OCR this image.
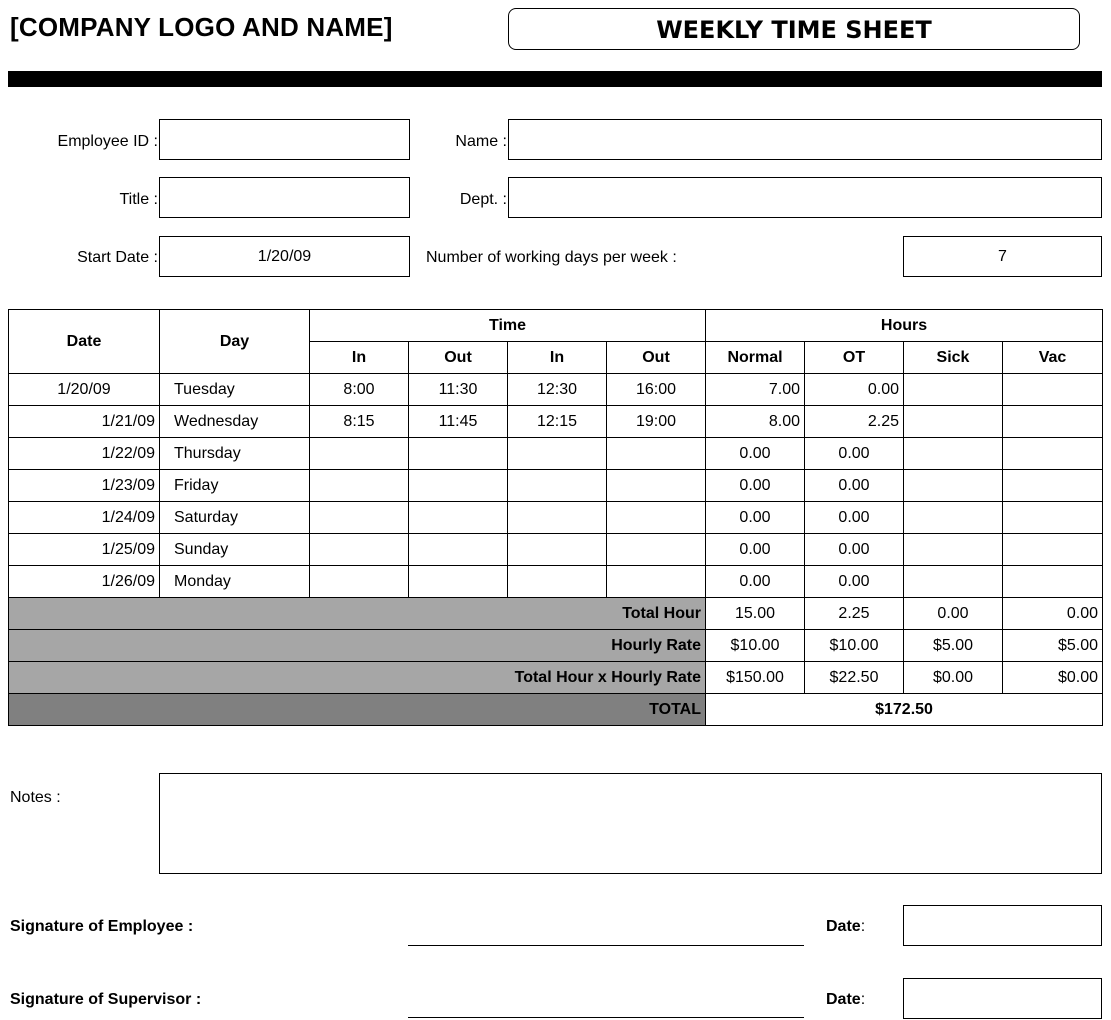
[COMPANY LOGO AND NAME]	WEEKLY TIME SHEET
Employee ID :	Name :
Title :	Dept. :
Start Date :	1/20/09	Number of working days per week :	7
Date	Day	Time				Hours			
		In	Out	In	Out	Normal	OT	Sick	Vac
1/20/09	Tuesday	8:00	11:30	12:30	16:00	7.00	0.00		
1/21/09	Wednesday	8:15	11:45	12:15	19:00	8.00	2.25		
1/22/09	Thursday					0.00	0.00		
1/23/09	Friday					0.00	0.00		
1/24/09	Saturday					0.00	0.00		
1/25/09	Sunday					0.00	0.00		
1/26/09	Monday					0.00	0.00		
Total Hour						15.00	2.25	0.00	0.00
Hourly Rate						$10.00	$10.00	$5.00	$5.00
Total Hour x Hourly Rate						$150.00	$22.50	$0.00	$0.00
TOTAL						$172.50			
Notes :
Signature of Employee :	Date:
Signature of Supervisor :	Date:
